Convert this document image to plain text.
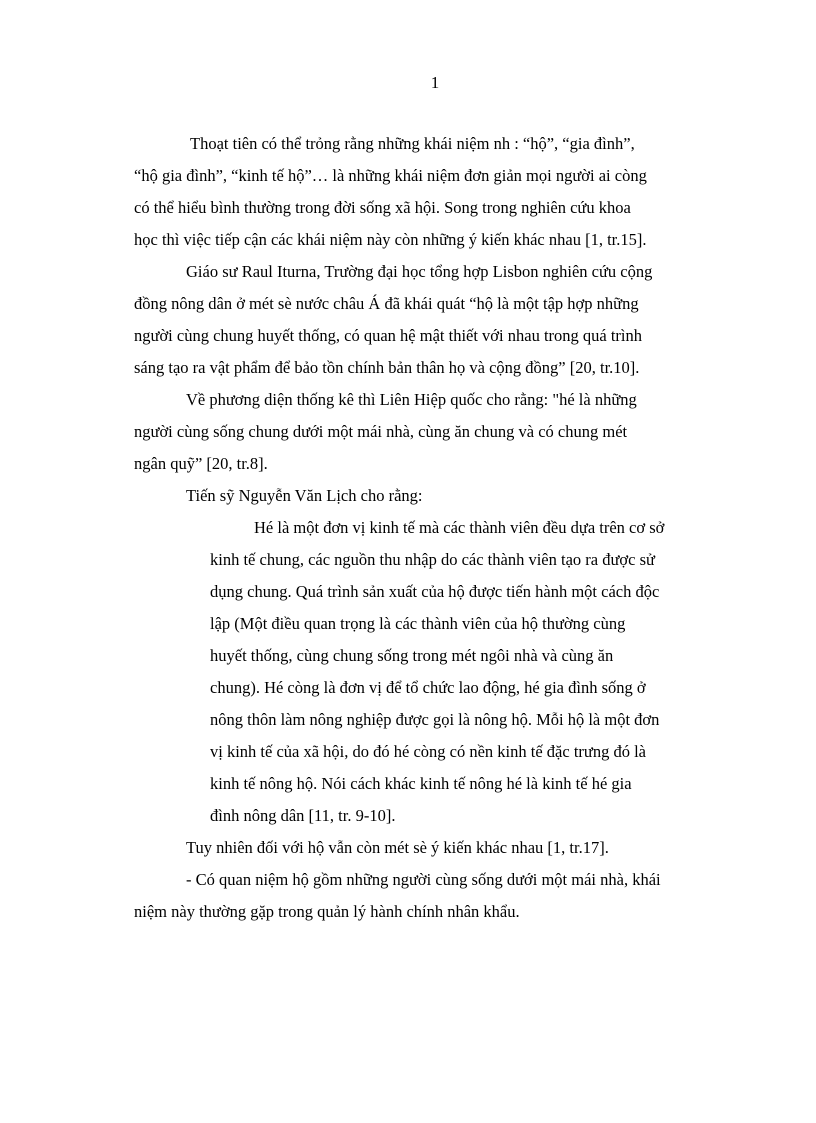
1
Thoạt tiên có thể trỏng rằng những khái niệm nh : “hộ”, “gia đình”,
“hộ gia đình”, “kinh tế hộ”… là những khái niệm đơn giản mọi người ai còng
có thể hiểu bình thường trong đời sống xã hội. Song trong nghiên cứu khoa
học thì việc tiếp cận các khái niệm này còn những ý kiến khác nhau [1, tr.15].
Giáo sư Raul Iturna, Trường đại học tổng hợp Lisbon nghiên cứu cộng
đồng nông dân ở mét sè nước châu Á đã khái quát “hộ là một tập hợp những
người cùng chung huyết thống, có quan hệ mật thiết với nhau trong quá trình
sáng tạo ra vật phẩm để bảo tồn chính bản thân họ và cộng đồng” [20, tr.10].
Về phương diện thống kê thì Liên Hiệp quốc cho rằng: "hé là những
người cùng sống chung dưới một mái nhà, cùng ăn chung và có chung mét
ngân quỹ” [20, tr.8].
Tiến sỹ Nguyễn Văn Lịch cho rằng:
Hé là một đơn vị kinh tế mà các thành viên đều dựa trên cơ sở
kinh tế chung, các nguồn thu nhập do các thành viên tạo ra được sử
dụng chung. Quá trình sản xuất của hộ được tiến hành một cách độc
lập (Một điều quan trọng là các thành viên của hộ thường cùng
huyết thống, cùng chung sống trong mét ngôi nhà và cùng ăn
chung). Hé còng là đơn vị để tổ chức lao động, hé gia đình sống ở
nông thôn làm nông nghiệp được gọi là nông hộ. Mỗi hộ là một đơn
vị kinh tế của xã hội, do đó hé còng có nền kinh tế đặc trưng đó là
kinh tế nông hộ. Nói cách khác kinh tế nông hé là kinh tế hé gia
đình nông dân [11, tr. 9-10].
Tuy nhiên đối với hộ vẫn còn mét sè ý kiến khác nhau [1, tr.17].
- Có quan niệm hộ gồm những người cùng sống dưới một mái nhà, khái
niệm này thường gặp trong quản lý hành chính nhân khẩu.
